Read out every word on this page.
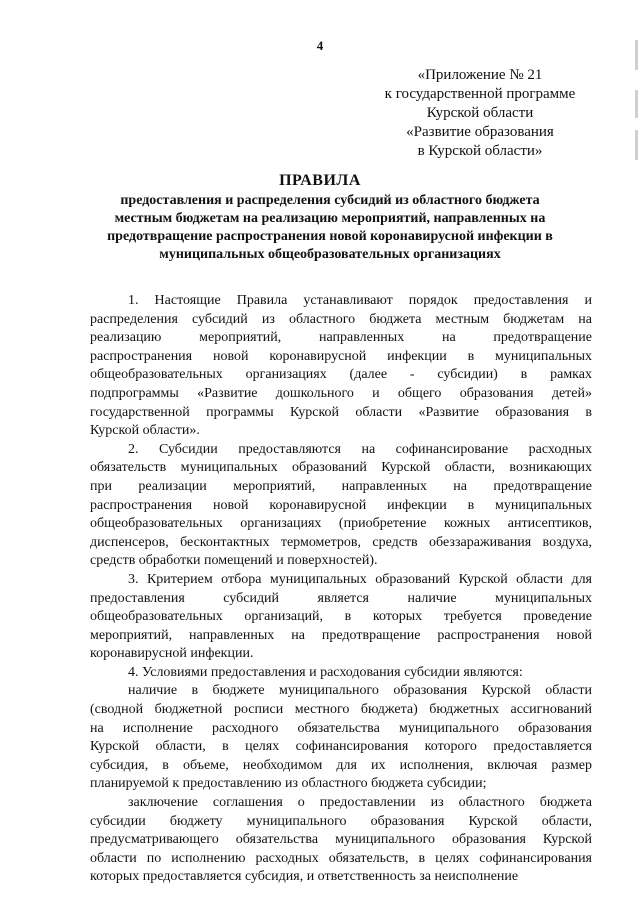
4
«Приложение № 21
к государственной программе
Курской области
«Развитие образования
в Курской области»
ПРАВИЛА
предоставления и распределения субсидий из областного бюджета
местным бюджетам на реализацию мероприятий, направленных на
предотвращение распространения новой коронавирусной инфекции в
муниципальных общеобразовательных организациях
1. Настоящие Правила устанавливают порядок предоставления и
распределения субсидий из областного бюджета местным бюджетам на
реализацию мероприятий, направленных на предотвращение
распространения новой коронавирусной инфекции в муниципальных
общеобразовательных организациях (далее - субсидии) в рамках
подпрограммы «Развитие дошкольного и общего образования детей»
государственной программы Курской области «Развитие образования в
Курской области».
2. Субсидии предоставляются на софинансирование расходных
обязательств муниципальных образований Курской области, возникающих
при реализации мероприятий, направленных на предотвращение
распространения новой коронавирусной инфекции в муниципальных
общеобразовательных организациях (приобретение кожных антисептиков,
диспенсеров, бесконтактных термометров, средств обеззараживания воздуха,
средств обработки помещений и поверхностей).
3. Критерием отбора муниципальных образований Курской области для
предоставления субсидий является наличие муниципальных
общеобразовательных организаций, в которых требуется проведение
мероприятий, направленных на предотвращение распространения новой
коронавирусной инфекции.
4. Условиями предоставления и расходования субсидии являются:
наличие в бюджете муниципального образования Курской области
(сводной бюджетной росписи местного бюджета) бюджетных ассигнований
на исполнение расходного обязательства муниципального образования
Курской области, в целях софинансирования которого предоставляется
субсидия, в объеме, необходимом для их исполнения, включая размер
планируемой к предоставлению из областного бюджета субсидии;
заключение соглашения о предоставлении из областного бюджета
субсидии бюджету муниципального образования Курской области,
предусматривающего обязательства муниципального образования Курской
области по исполнению расходных обязательств, в целях софинансирования
которых предоставляется субсидия, и ответственность за неисполнение
